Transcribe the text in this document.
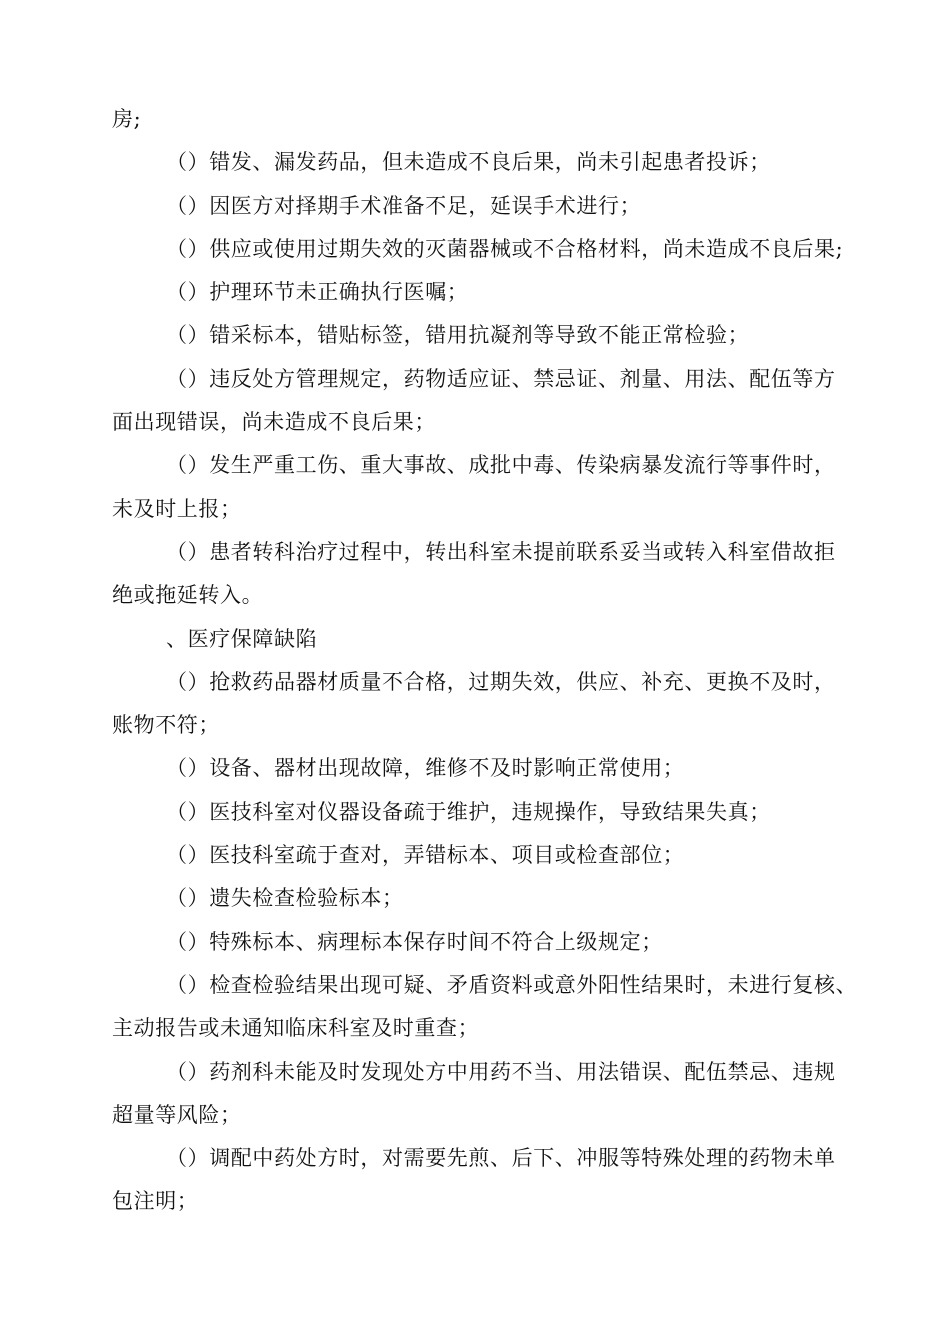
房;
（）错发、漏发药品，但未造成不良后果，尚未引起患者投诉；
（）因医方对择期手术准备不足，延误手术进行；
（）供应或使用过期失效的灭菌器械或不合格材料，尚未造成不良后果;
（）护理环节未正确执行医嘱；
（）错采标本，错贴标签，错用抗凝剂等导致不能正常检验；
（）违反处方管理规定，药物适应证、禁忌证、剂量、用法、配伍等方
面出现错误，尚未造成不良后果；
（）发生严重工伤、重大事故、成批中毒、传染病暴发流行等事件时，
未及时上报；
（）患者转科治疗过程中，转出科室未提前联系妥当或转入科室借故拒
绝或拖延转入。
、医疗保障缺陷
（）抢救药品器材质量不合格，过期失效，供应、补充、更换不及时，
账物不符；
（）设备、器材出现故障，维修不及时影响正常使用；
（）医技科室对仪器设备疏于维护，违规操作，导致结果失真；
（）医技科室疏于查对，弄错标本、项目或检查部位；
（）遗失检查检验标本；
（）特殊标本、病理标本保存时间不符合上级规定；
（）检查检验结果出现可疑、矛盾资料或意外阳性结果时，未进行复核、
主动报告或未通知临床科室及时重查；
（）药剂科未能及时发现处方中用药不当、用法错误、配伍禁忌、违规
超量等风险；
（）调配中药处方时，对需要先煎、后下、冲服等特殊处理的药物未单
包注明；
